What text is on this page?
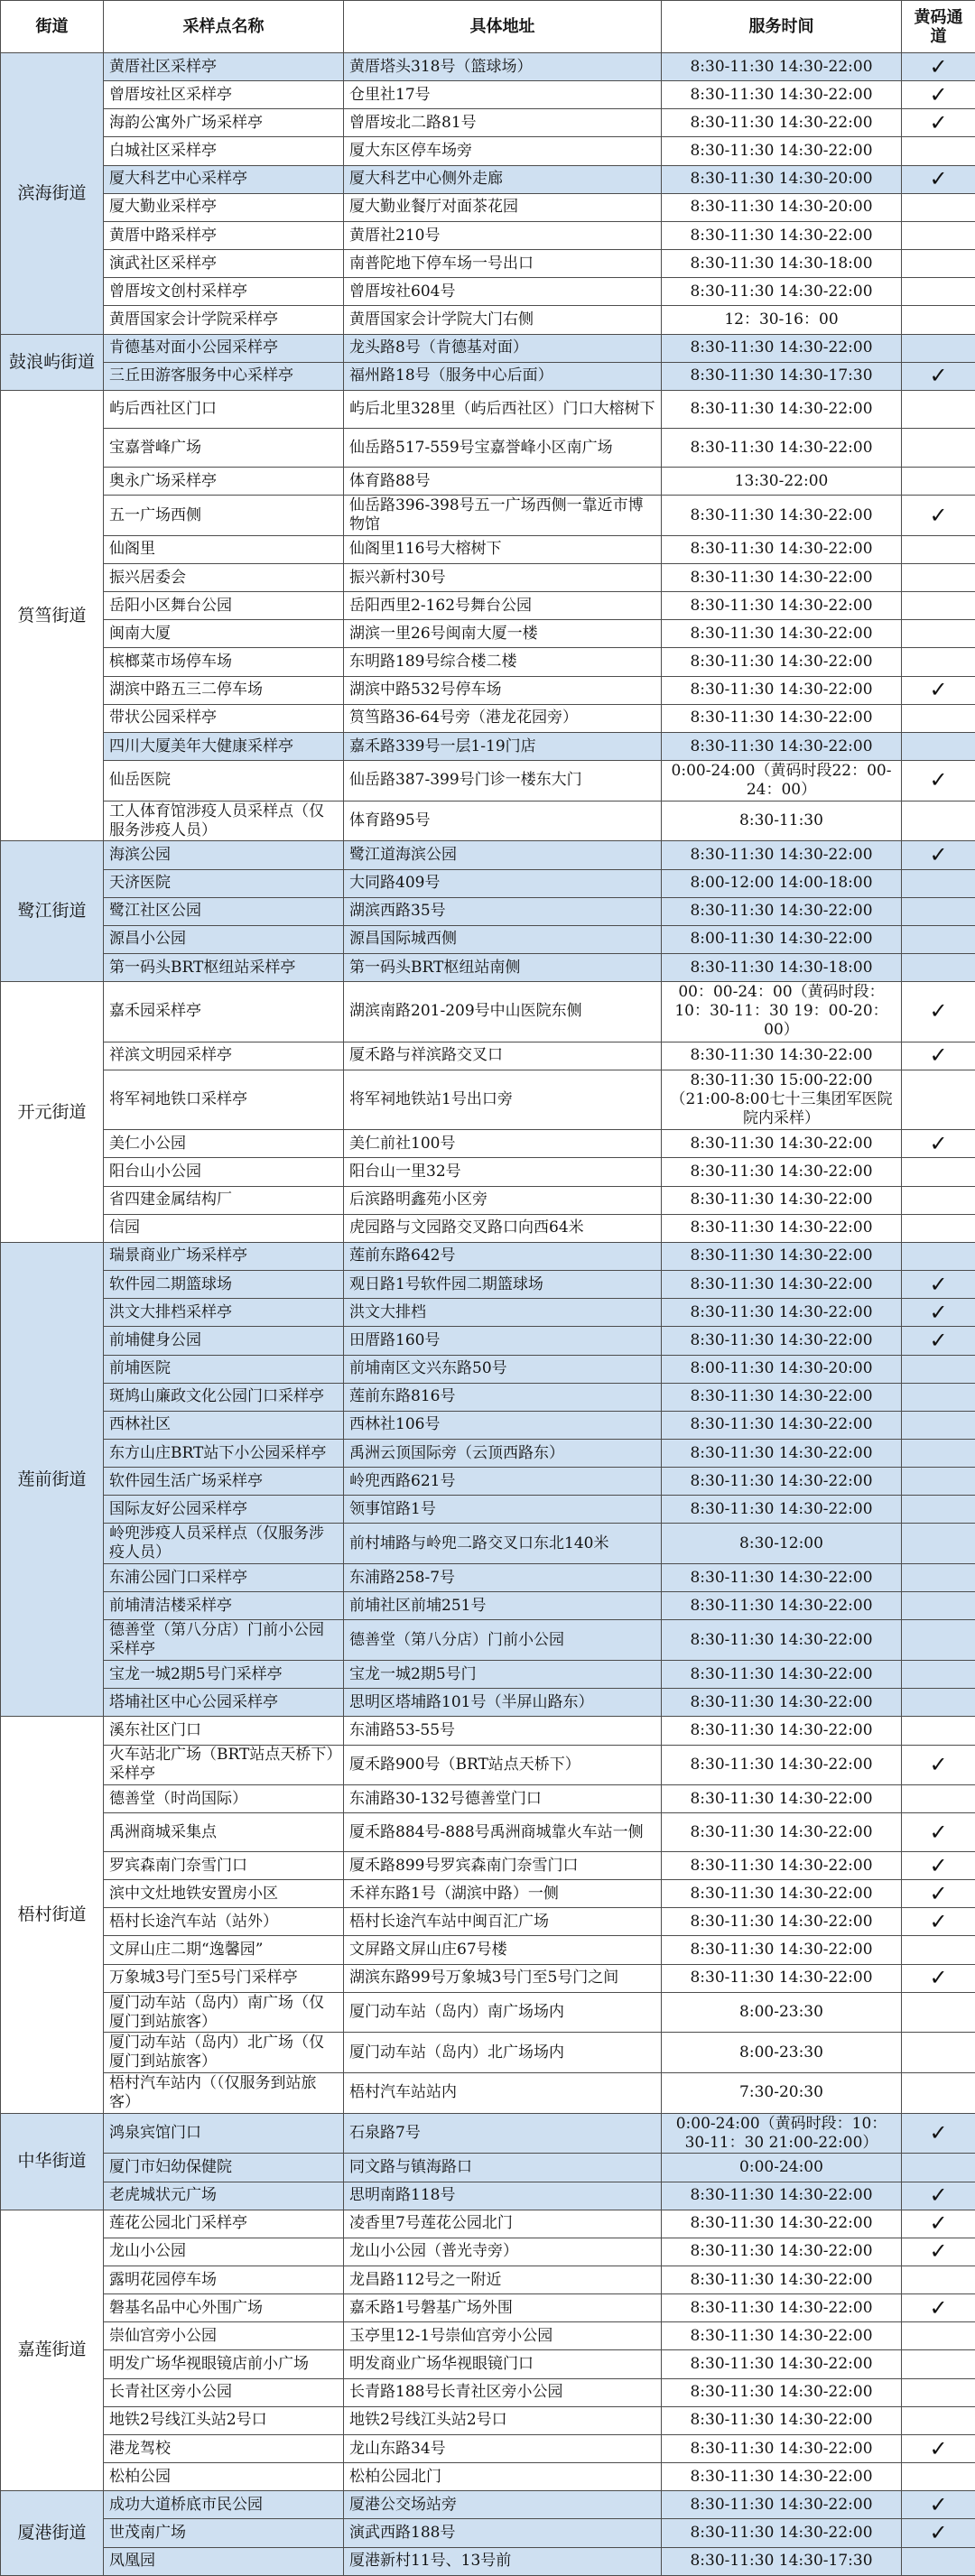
街道	采样点名称	具体地址	服务时间	黄码通道
滨海街道	黄厝社区采样亭	黄厝塔头318号（篮球场）	8:30-11:30 14:30-22:00	✓
	曾厝垵社区采样亭	仓里社17号	8:30-11:30 14:30-22:00	✓
	海韵公寓外广场采样亭	曾厝垵北二路81号	8:30-11:30 14:30-22:00	✓
	白城社区采样亭	厦大东区停车场旁	8:30-11:30 14:30-22:00	
	厦大科艺中心采样亭	厦大科艺中心侧外走廊	8:30-11:30 14:30-20:00	✓
	厦大勤业采样亭	厦大勤业餐厅对面茶花园	8:30-11:30 14:30-20:00	
	黄厝中路采样亭	黄厝社210号	8:30-11:30 14:30-22:00	
	演武社区采样亭	南普陀地下停车场一号出口	8:30-11:30 14:30-18:00	
	曾厝垵文创村采样亭	曾厝垵社604号	8:30-11:30 14:30-22:00	
	黄厝国家会计学院采样亭	黄厝国家会计学院大门右侧	12：30-16：00	
鼓浪屿街道	肯德基对面小公园采样亭	龙头路8号（肯德基对面）	8:30-11:30 14:30-22:00	
	三丘田游客服务中心采样亭	福州路18号（服务中心后面）	8:30-11:30 14:30-17:30	✓
筼筜街道	屿后西社区门口	屿后北里328里（屿后西社区）门口大榕树下	8:30-11:30 14:30-22:00	
	宝嘉誉峰广场	仙岳路517-559号宝嘉誉峰小区南广场	8:30-11:30 14:30-22:00	
	奥永广场采样亭	体育路88号	13:30-22:00	
	五一广场西侧	仙岳路396-398号五一广场西侧一靠近市博物馆	8:30-11:30 14:30-22:00	✓
	仙阁里	仙阁里116号大榕树下	8:30-11:30 14:30-22:00	
	振兴居委会	振兴新村30号	8:30-11:30 14:30-22:00	
	岳阳小区舞台公园	岳阳西里2-162号舞台公园	8:30-11:30 14:30-22:00	
	闽南大厦	湖滨一里26号闽南大厦一楼	8:30-11:30 14:30-22:00	
	槟榔菜市场停车场	东明路189号综合楼二楼	8:30-11:30 14:30-22:00	
	湖滨中路五三二停车场	湖滨中路532号停车场	8:30-11:30 14:30-22:00	✓
	带状公园采样亭	筼筜路36-64号旁（港龙花园旁）	8:30-11:30 14:30-22:00	
	四川大厦美年大健康采样亭	嘉禾路339号一层1-19门店	8:30-11:30 14:30-22:00	
	仙岳医院	仙岳路387-399号门诊一楼东大门	0:00-24:00（黄码时段22：00-24：00）	✓
	工人体育馆涉疫人员采样点（仅服务涉疫人员）	体育路95号	8:30-11:30	
鹭江街道	海滨公园	鹭江道海滨公园	8:30-11:30 14:30-22:00	✓
	天济医院	大同路409号	8:00-12:00 14:00-18:00	
	鹭江社区公园	湖滨西路35号	8:30-11:30 14:30-22:00	
	源昌小公园	源昌国际城西侧	8:00-11:30 14:30-22:00	
	第一码头BRT枢纽站采样亭	第一码头BRT枢纽站南侧	8:30-11:30 14:30-18:00	
开元街道	嘉禾园采样亭	湖滨南路201-209号中山医院东侧	00：00-24：00（黄码时段：10：30-11：30 19：00-20：00）	✓
	祥滨文明园采样亭	厦禾路与祥滨路交叉口	8:30-11:30 14:30-22:00	✓
	将军祠地铁口采样亭	将军祠地铁站1号出口旁	8:30-11:30 15:00-22:00（21:00-8:00七十三集团军医院院内采样）	
	美仁小公园	美仁前社100号	8:30-11:30 14:30-22:00	✓
	阳台山小公园	阳台山一里32号	8:30-11:30 14:30-22:00	
	省四建金属结构厂	后滨路明鑫苑小区旁	8:30-11:30 14:30-22:00	
	信园	虎园路与文园路交叉路口向西64米	8:30-11:30 14:30-22:00	
莲前街道	瑞景商业广场采样亭	莲前东路642号	8:30-11:30 14:30-22:00	
	软件园二期篮球场	观日路1号软件园二期篮球场	8:30-11:30 14:30-22:00	✓
	洪文大排档采样亭	洪文大排档	8:30-11:30 14:30-22:00	✓
	前埔健身公园	田厝路160号	8:30-11:30 14:30-22:00	✓
	前埔医院	前埔南区文兴东路50号	8:00-11:30 14:30-20:00	
	斑鸠山廉政文化公园门口采样亭	莲前东路816号	8:30-11:30 14:30-22:00	
	西林社区	西林社106号	8:30-11:30 14:30-22:00	
	东方山庄BRT站下小公园采样亭	禹洲云顶国际旁（云顶西路东）	8:30-11:30 14:30-22:00	
	软件园生活广场采样亭	岭兜西路621号	8:30-11:30 14:30-22:00	
	国际友好公园采样亭	领事馆路1号	8:30-11:30 14:30-22:00	
	岭兜涉疫人员采样点（仅服务涉疫人员）	前村埔路与岭兜二路交叉口东北140米	8:30-12:00	
	东浦公园门口采样亭	东浦路258-7号	8:30-11:30 14:30-22:00	
	前埔清洁楼采样亭	前埔社区前埔251号	8:30-11:30 14:30-22:00	
	德善堂（第八分店）门前小公园采样亭	德善堂（第八分店）门前小公园	8:30-11:30 14:30-22:00	
	宝龙一城2期5号门采样亭	宝龙一城2期5号门	8:30-11:30 14:30-22:00	
	塔埔社区中心公园采样亭	思明区塔埔路101号（半屏山路东）	8:30-11:30 14:30-22:00	
梧村街道	溪东社区门口	东浦路53-55号	8:30-11:30 14:30-22:00	
	火车站北广场（BRT站点天桥下）采样亭	厦禾路900号（BRT站点天桥下）	8:30-11:30 14:30-22:00	✓
	德善堂（时尚国际）	东浦路30-132号德善堂门口	8:30-11:30 14:30-22:00	
	禹洲商城采集点	厦禾路884号-888号禹洲商城靠火车站一侧	8:30-11:30 14:30-22:00	✓
	罗宾森南门奈雪门口	厦禾路899号罗宾森南门奈雪门口	8:30-11:30 14:30-22:00	✓
	滨中文灶地铁安置房小区	禾祥东路1号（湖滨中路）一侧	8:30-11:30 14:30-22:00	✓
	梧村长途汽车站（站外）	梧村长途汽车站中闽百汇广场	8:30-11:30 14:30-22:00	✓
	文屏山庄二期“逸馨园”	文屏路文屏山庄67号楼	8:30-11:30 14:30-22:00	
	万象城3号门至5号门采样亭	湖滨东路99号万象城3号门至5号门之间	8:30-11:30 14:30-22:00	✓
	厦门动车站（岛内）南广场（仅厦门到站旅客）	厦门动车站（岛内）南广场场内	8:00-23:30	
	厦门动车站（岛内）北广场（仅厦门到站旅客）	厦门动车站（岛内）北广场场内	8:00-23:30	
	梧村汽车站内（（仅服务到站旅客）	梧村汽车站站内	7:30-20:30	
中华街道	鸿泉宾馆门口	石泉路7号	0:00-24:00（黄码时段：10：30-11：30 21:00-22:00）	✓
	厦门市妇幼保健院	同文路与镇海路口	0:00-24:00	
	老虎城状元广场	思明南路118号	8:30-11:30 14:30-22:00	✓
嘉莲街道	莲花公园北门采样亭	凌香里7号莲花公园北门	8:30-11:30 14:30-22:00	✓
	龙山小公园	龙山小公园（普光寺旁）	8:30-11:30 14:30-22:00	✓
	露明花园停车场	龙昌路112号之一附近	8:30-11:30 14:30-22:00	
	磐基名品中心外围广场	嘉禾路1号磐基广场外围	8:30-11:30 14:30-22:00	✓
	崇仙宫旁小公园	玉亭里12-1号崇仙宫旁小公园	8:30-11:30 14:30-22:00	
	明发广场华视眼镜店前小广场	明发商业广场华视眼镜门口	8:30-11:30 14:30-22:00	
	长青社区旁小公园	长青路188号长青社区旁小公园	8:30-11:30 14:30-22:00	
	地铁2号线江头站2号口	地铁2号线江头站2号口	8:30-11:30 14:30-22:00	
	港龙驾校	龙山东路34号	8:30-11:30 14:30-22:00	✓
	松柏公园	松柏公园北门	8:30-11:30 14:30-22:00	
厦港街道	成功大道桥底市民公园	厦港公交场站旁	8:30-11:30 14:30-22:00	✓
	世茂南广场	演武西路188号	8:30-11:30 14:30-22:00	✓
	凤凰园	厦港新村11号、13号前	8:30-11:30 14:30-17:30	
